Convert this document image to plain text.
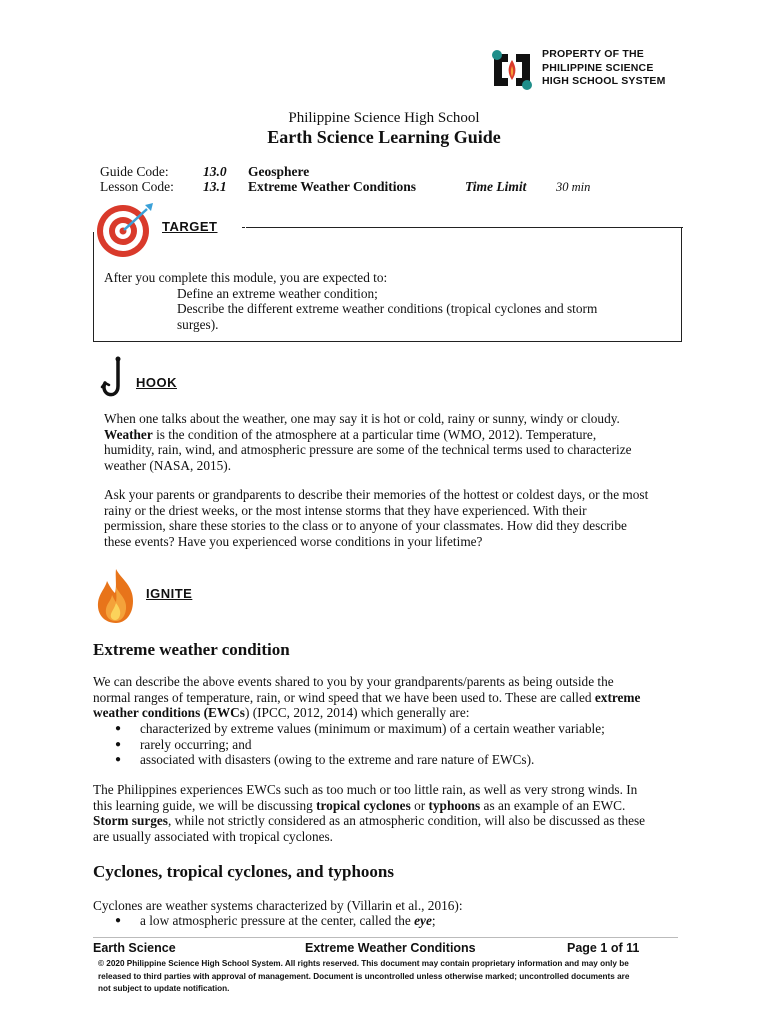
PROPERTY OF THE
PHILIPPINE SCIENCE
HIGH SCHOOL SYSTEM
Philippine Science High School
Earth Science Learning Guide
Guide Code:	13.0 Geosphere
Lesson Code: 13.1 Extreme Weather Conditions	Time Limit 30 min
TARGET
After you complete this module, you are expected to:
Define an extreme weather condition;
Describe the different extreme weather conditions (tropical cyclones and storm
surges).
HOOK
When one talks about the weather, one may say it is hot or cold, rainy or sunny, windy or cloudy.
Weather is the condition of the atmosphere at a particular time (WMO, 2012). Temperature,
humidity, rain, wind, and atmospheric pressure are some of the technical terms used to characterize
weather (NASA, 2015).
Ask your parents or grandparents to describe their memories of the hottest or coldest days, or the most
rainy or the driest weeks, or the most intense storms that they have experienced. With their
permission, share these stories to the class or to anyone of your classmates. How did they describe
these events? Have you experienced worse conditions in your lifetime?
IGNITE
Extreme weather condition
We can describe the above events shared to you by your grandparents/parents as being outside the
normal ranges of temperature, rain, or wind speed that we have been used to. These are called extreme
weather conditions (EWCs) (IPCC, 2012, 2014) which generally are:
● characterized by extreme values (minimum or maximum) of a certain weather variable;
● rarely occurring; and
● associated with disasters (owing to the extreme and rare nature of EWCs).
The Philippines experiences EWCs such as too much or too little rain, as well as very strong winds. In
this learning guide, we will be discussing tropical cyclones or typhoons as an example of an EWC.
Storm surges, while not strictly considered as an atmospheric condition, will also be discussed as these
are usually associated with tropical cyclones.
Cyclones, tropical cyclones, and typhoons
Cyclones are weather systems characterized by (Villarin et al., 2016):
● a low atmospheric pressure at the center, called the eye;
Earth Science	Extreme Weather Conditions	Page 1 of 11
© 2020 Philippine Science High School System. All rights reserved. This document may contain proprietary information and may only be
released to third parties with approval of management. Document is uncontrolled unless otherwise marked; uncontrolled documents are
not subject to update notification.
